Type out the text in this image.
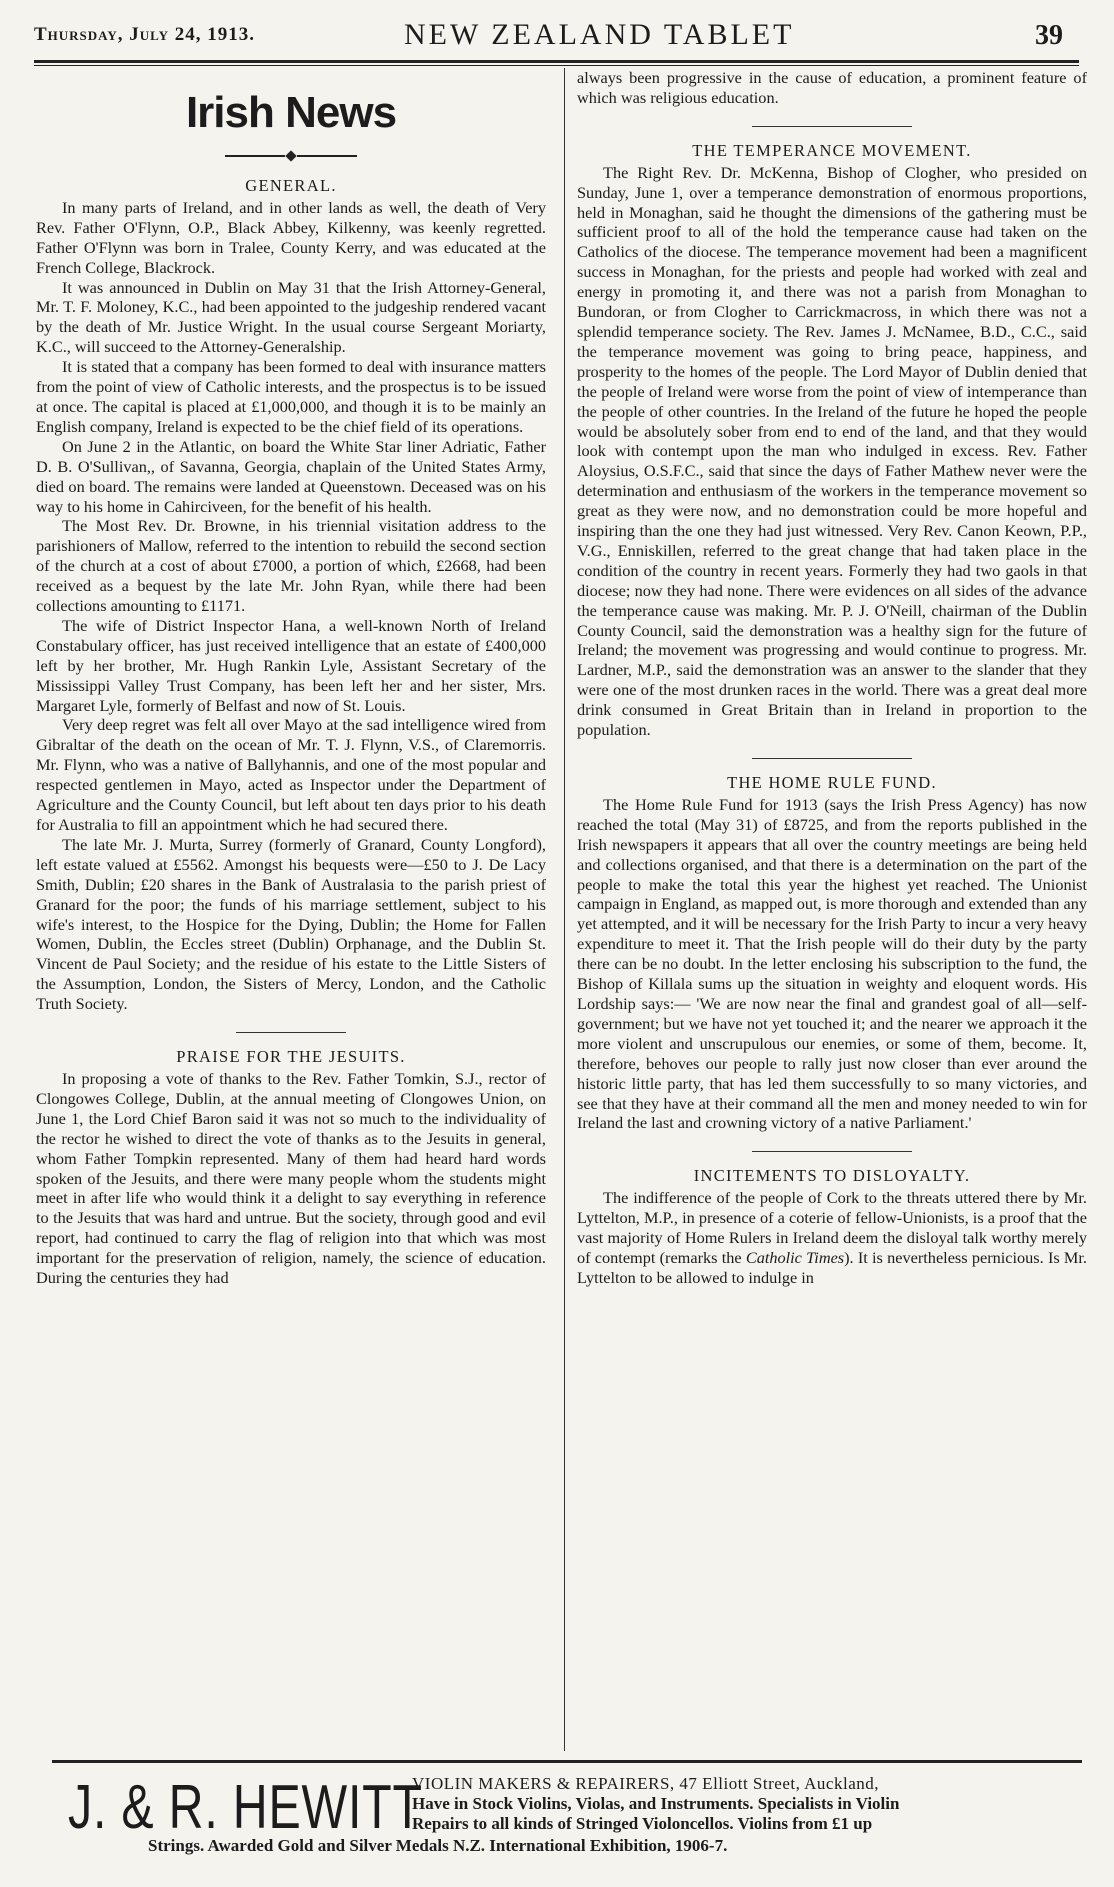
Thursday, July 24, 1913.	NEW ZEALAND TABLET	39
Irish News
GENERAL.

In many parts of Ireland, and in other lands as well, the death of Very Rev. Father O'Flynn, O.P., Black Abbey, Kilkenny, was keenly regretted. Father O'Flynn was born in Tralee, County Kerry, and was educated at the French College, Blackrock.

It was announced in Dublin on May 31 that the Irish Attorney-General, Mr. T. F. Moloney, K.C., had been appointed to the judgeship rendered vacant by the death of Mr. Justice Wright. In the usual course Sergeant Moriarty, K.C., will succeed to the Attorney-Generalship.

It is stated that a company has been formed to deal with insurance matters from the point of view of Catholic interests, and the prospectus is to be issued at once. The capital is placed at £1,000,000, and though it is to be mainly an English company, Ireland is expected to be the chief field of its operations.

On June 2 in the Atlantic, on board the White Star liner Adriatic, Father D. B. O'Sullivan,, of Savanna, Georgia, chaplain of the United States Army, died on board. The remains were landed at Queenstown. Deceased was on his way to his home in Cahirciveen, for the benefit of his health.

The Most Rev. Dr. Browne, in his triennial visitation address to the parishioners of Mallow, referred to the intention to rebuild the second section of the church at a cost of about £7000, a portion of which, £2668, had been received as a bequest by the late Mr. John Ryan, while there had been collections amounting to £1171.

The wife of District Inspector Hana, a well-known North of Ireland Constabulary officer, has just received intelligence that an estate of £400,000 left by her brother, Mr. Hugh Rankin Lyle, Assistant Secretary of the Mississippi Valley Trust Company, has been left her and her sister, Mrs. Margaret Lyle, formerly of Belfast and now of St. Louis.

Very deep regret was felt all over Mayo at the sad intelligence wired from Gibraltar of the death on the ocean of Mr. T. J. Flynn, V.S., of Claremorris. Mr. Flynn, who was a native of Ballyhannis, and one of the most popular and respected gentlemen in Mayo, acted as Inspector under the Department of Agriculture and the County Council, but left about ten days prior to his death for Australia to fill an appointment which he had secured there.

The late Mr. J. Murta, Surrey (formerly of Granard, County Longford), left estate valued at £5562. Amongst his bequests were—£50 to J. De Lacy Smith, Dublin; £20 shares in the Bank of Australasia to the parish priest of Granard for the poor; the funds of his marriage settlement, subject to his wife's interest, to the Hospice for the Dying, Dublin; the Home for Fallen Women, Dublin, the Eccles street (Dublin) Orphanage, and the Dublin St. Vincent de Paul Society; and the residue of his estate to the Little Sisters of the Assumption, London, the Sisters of Mercy, London, and the Catholic Truth Society.

PRAISE FOR THE JESUITS.

In proposing a vote of thanks to the Rev. Father Tomkin, S.J., rector of Clongowes College, Dublin, at the annual meeting of Clongowes Union, on June 1, the Lord Chief Baron said it was not so much to the individuality of the rector he wished to direct the vote of thanks as to the Jesuits in general, whom Father Tompkin represented. Many of them had heard hard words spoken of the Jesuits, and there were many people whom the students might meet in after life who would think it a delight to say everything in reference to the Jesuits that was hard and untrue. But the society, through good and evil report, had continued to carry the flag of religion into that which was most important for the preservation of religion, namely, the science of education. During the centuries they had

always been progressive in the cause of education, a prominent feature of which was religious education.

THE TEMPERANCE MOVEMENT.

The Right Rev. Dr. McKenna, Bishop of Clogher, who presided on Sunday, June 1, over a temperance demonstration of enormous proportions, held in Monaghan, said he thought the dimensions of the gathering must be sufficient proof to all of the hold the temperance cause had taken on the Catholics of the diocese. The temperance movement had been a magnificent success in Monaghan, for the priests and people had worked with zeal and energy in promoting it, and there was not a parish from Monaghan to Bundoran, or from Clogher to Carrickmacross, in which there was not a splendid temperance society. The Rev. James J. McNamee, B.D., C.C., said the temperance movement was going to bring peace, happiness, and prosperity to the homes of the people. The Lord Mayor of Dublin denied that the people of Ireland were worse from the point of view of intemperance than the people of other countries. In the Ireland of the future he hoped the people would be absolutely sober from end to end of the land, and that they would look with contempt upon the man who indulged in excess. Rev. Father Aloysius, O.S.F.C., said that since the days of Father Mathew never were the determination and enthusiasm of the workers in the temperance movement so great as they were now, and no demonstration could be more hopeful and inspiring than the one they had just witnessed. Very Rev. Canon Keown, P.P., V.G., Enniskillen, referred to the great change that had taken place in the condition of the country in recent years. Formerly they had two gaols in that diocese; now they had none. There were evidences on all sides of the advance the temperance cause was making. Mr. P. J. O'Neill, chairman of the Dublin County Council, said the demonstration was a healthy sign for the future of Ireland; the movement was progressing and would continue to progress. Mr. Lardner, M.P., said the demonstration was an answer to the slander that they were one of the most drunken races in the world. There was a great deal more drink consumed in Great Britain than in Ireland in proportion to the population.

THE HOME RULE FUND.

The Home Rule Fund for 1913 (says the Irish Press Agency) has now reached the total (May 31) of £8725, and from the reports published in the Irish newspapers it appears that all over the country meetings are being held and collections organised, and that there is a determination on the part of the people to make the total this year the highest yet reached. The Unionist campaign in England, as mapped out, is more thorough and extended than any yet attempted, and it will be necessary for the Irish Party to incur a very heavy expenditure to meet it. That the Irish people will do their duty by the party there can be no doubt. In the letter enclosing his subscription to the fund, the Bishop of Killala sums up the situation in weighty and eloquent words. His Lordship says:— 'We are now near the final and grandest goal of all—self-government; but we have not yet touched it; and the nearer we approach it the more violent and unscrupulous our enemies, or some of them, become. It, therefore, behoves our people to rally just now closer than ever around the historic little party, that has led them successfully to so many victories, and see that they have at their command all the men and money needed to win for Ireland the last and crowning victory of a native Parliament.'

INCITEMENTS TO DISLOYALTY.

The indifference of the people of Cork to the threats uttered there by Mr. Lyttelton, M.P., in presence of a coterie of fellow-Unionists, is a proof that the vast majority of Home Rulers in Ireland deem the disloyal talk worthy merely of contempt (remarks the Catholic Times). It is nevertheless pernicious. Is Mr. Lyttelton to be allowed to indulge in

J. & R. HEWITT
VIOLIN MAKERS & REPAIRERS, 47 Elliott Street, Auckland,
Have in Stock Violins, Violas, and Instruments. Specialists in Violin
Repairs to all kinds of Stringed Violoncellos. Violins from £1 up
Strings. Awarded Gold and Silver Medals N.Z. International Exhibition, 1906-7.
